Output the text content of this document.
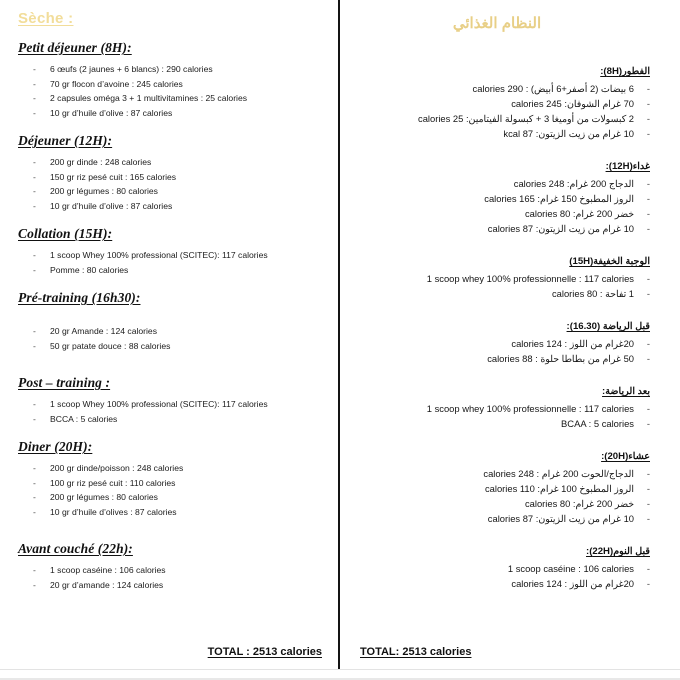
Sèche :
Petit déjeuner (8H):
- 6 œufs (2 jaunes + 6 blancs) : 290 calories
- 70 gr flocon d’avoine : 245 calories
- 2 capsules oméga 3 + 1 multivitamines : 25 calories
- 10 gr d’huile d’olive : 87 calories
Déjeuner (12H):
- 200 gr dinde : 248 calories
- 150 gr riz pesé cuit : 165 calories
- 200 gr légumes : 80 calories
- 10 gr d’huile d’olive : 87 calories
Collation (15H):
- 1 scoop Whey 100% professional (SCITEC): 117 calories
- Pomme : 80 calories
Pré-training (16h30):
- 20 gr Amande : 124 calories
- 50 gr patate douce : 88 calories
Post – training :
- 1 scoop Whey 100% professional (SCITEC): 117 calories
- BCCA : 5 calories
Diner (20H):
- 200 gr dinde/poisson : 248 calories
- 100 gr riz pesé cuit : 110 calories
- 200 gr légumes : 80 calories
- 10 gr d’huile d’olives : 87 calories
Avant couché (22h):
- 1 scoop caséine : 106 calories
- 20 gr d’amande : 124 calories
TOTAL : 2513 calories
النظام الغذائي
الفطور(8H):
-
6 بيضات (2 أصفر+6 أبيض) : calories 290
-
70 غرام الشوفان: calories 245
-
2 كبسولات من أوميغا 3 + كبسولة الفيتامين: calories 25
-
10 غرام من زيت الزيتون: kcal 87
غداء(12H):
-
الدجاج 200 غرام: calories 248
-
الروز المطبوخ 150 غرام: calories 165
-
خضر 200 غرام: calories 80
-
10 غرام من زيت الزيتون: calories 87
الوجبة الخفيفة(15H)
-
1 scoop whey 100% professionnelle : 117 calories
-
1 تفاحة : calories 80
قبل الرياضة (16.30):
-
20غرام من اللوز : calories 124
-
50 غرام من بطاطا حلوة : calories 88
بعد الرياضة:
-
1 scoop whey 100% professionnelle : 117 calories
-
BCAA : 5 calories
عشاء(20H):
-
الدجاج/الحوت 200 غرام : calories 248
-
الروز المطبوخ 100 غرام: calories 110
-
خضر 200 غرام: calories 80
-
10 غرام من زيت الزيتون: calories 87
قبل النوم(22H):
-
1 scoop caséine : 106 calories
-
20غرام من اللوز : calories 124
TOTAL: 2513 calories
